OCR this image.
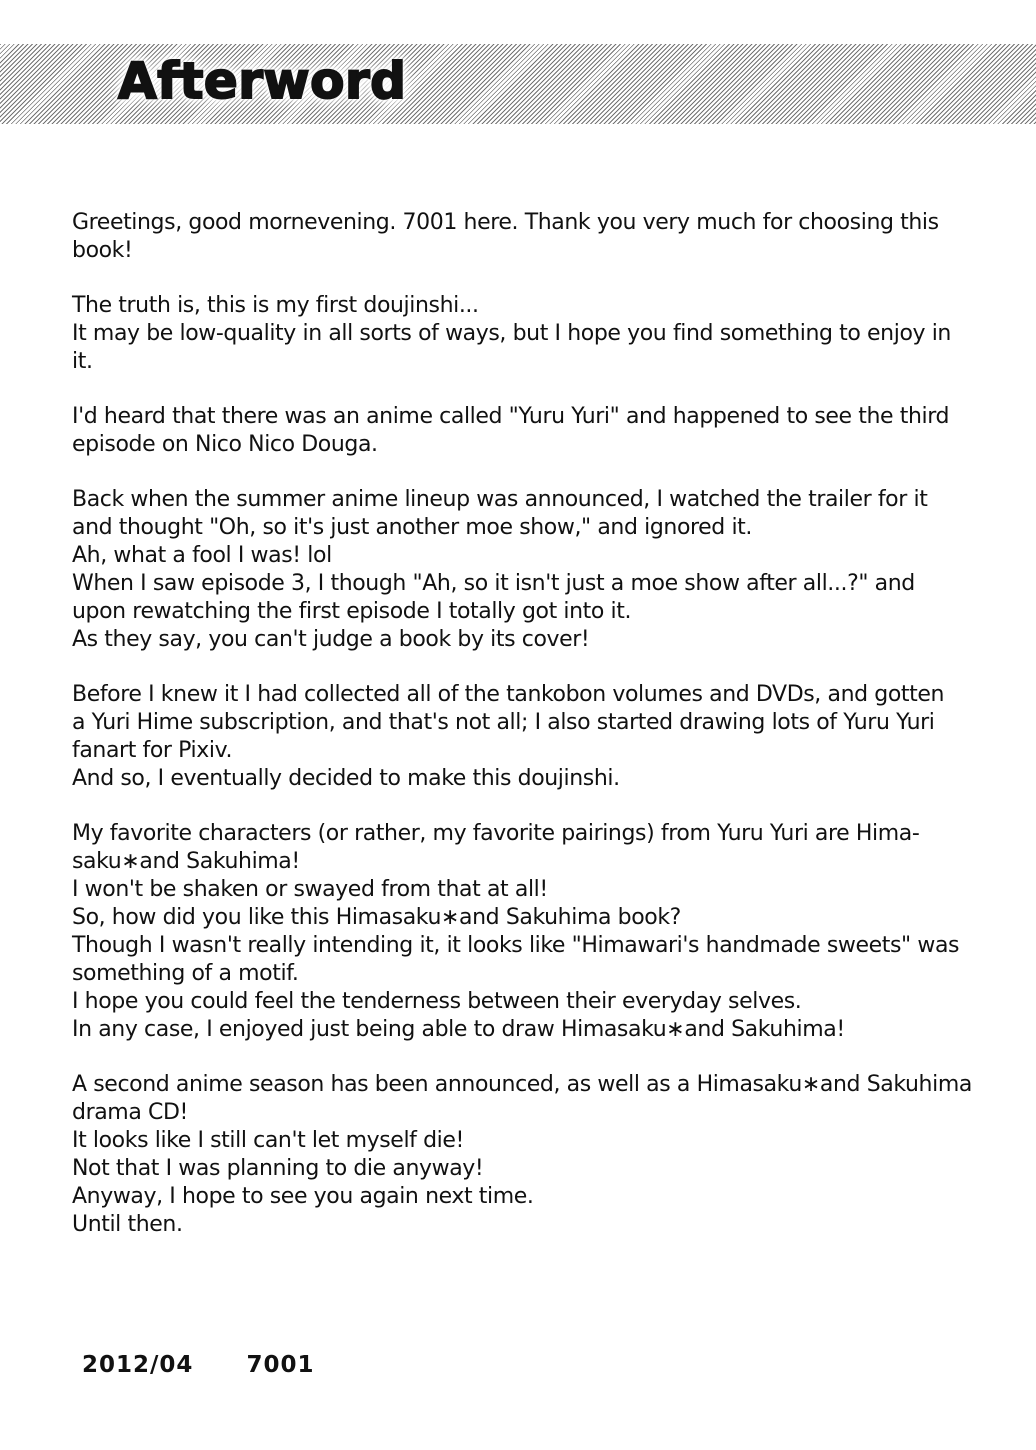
Afterword

Greetings, good mornevening. 7001 here. Thank you very much for choosing this
book!

The truth is, this is my first doujinshi...
It may be low-quality in all sorts of ways, but I hope you find something to enjoy in
it.

I'd heard that there was an anime called "Yuru Yuri" and happened to see the third
episode on Nico Nico Douga.

Back when the summer anime lineup was announced, I watched the trailer for it
and thought "Oh, so it's just another moe show," and ignored it.
Ah, what a fool I was! lol
When I saw episode 3, I though "Ah, so it isn't just a moe show after all...?" and
upon rewatching the first episode I totally got into it.
As they say, you can't judge a book by its cover!

Before I knew it I had collected all of the tankobon volumes and DVDs, and gotten
a Yuri Hime subscription, and that's not all; I also started drawing lots of Yuru Yuri
fanart for Pixiv.
And so, I eventually decided to make this doujinshi.

My favorite characters (or rather, my favorite pairings) from Yuru Yuri are Hima-
saku∗and Sakuhima!
I won't be shaken or swayed from that at all!
So, how did you like this Himasaku∗and Sakuhima book?
Though I wasn't really intending it, it looks like "Himawari's handmade sweets" was
something of a motif.
I hope you could feel the tenderness between their everyday selves.
In any case, I enjoyed just being able to draw Himasaku∗and Sakuhima!

A second anime season has been announced, as well as a Himasaku∗and Sakuhima
drama CD!
It looks like I still can't let myself die!
Not that I was planning to die anyway!
Anyway, I hope to see you again next time.
Until then.

2012/04 7001
